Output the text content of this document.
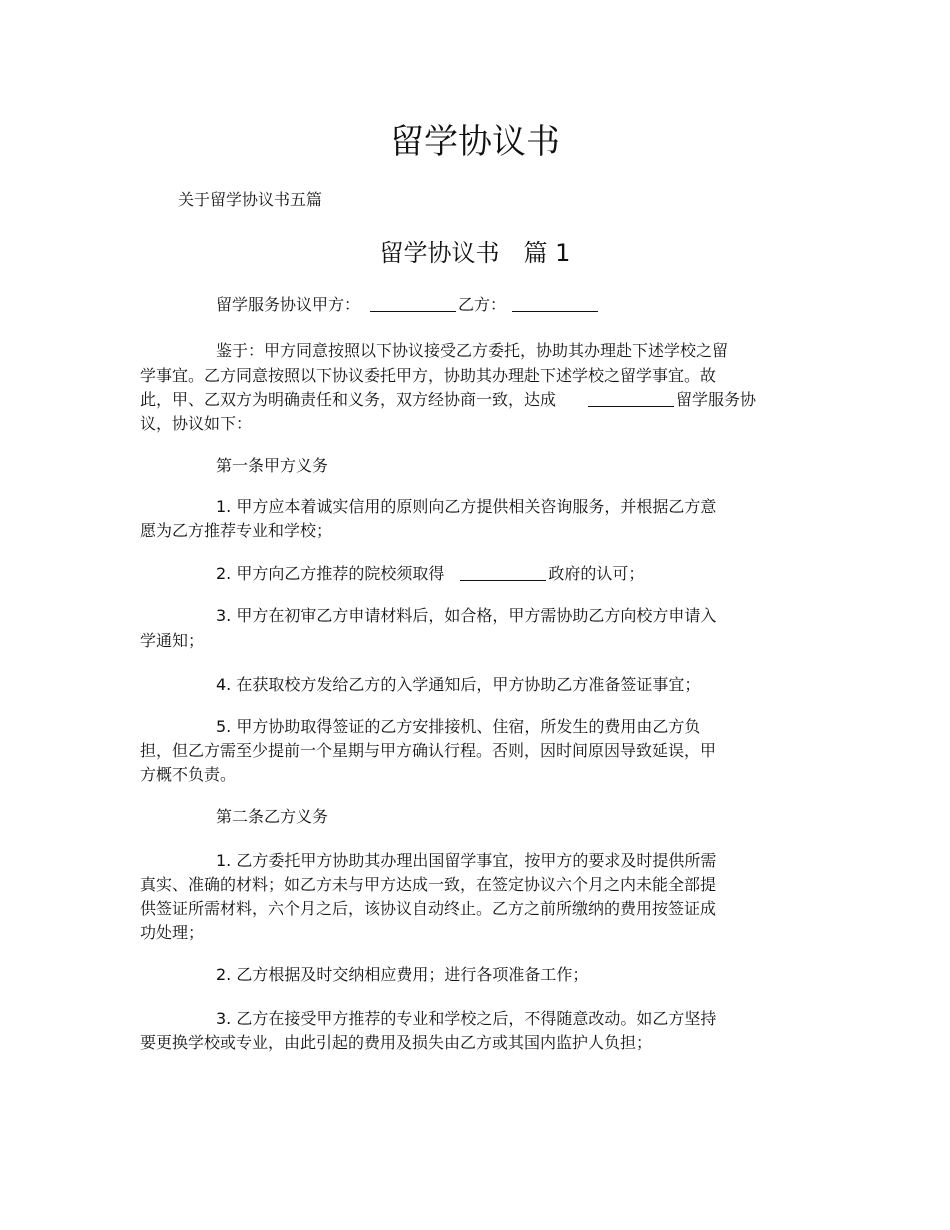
留学协议书
关于留学协议书五篇
留学协议书　篇 1
留学服务协议甲方：	乙方：
鉴于：甲方同意按照以下协议接受乙方委托，协助其办理赴下述学校之留
学事宜。乙方同意按照以下协议委托甲方，协助其办理赴下述学校之留学事宜。故
此，甲、乙双方为明确责任和义务，双方经协商一致，达成	留学服务协
议，协议如下：
第一条甲方义务
1. 甲方应本着诚实信用的原则向乙方提供相关咨询服务，并根据乙方意
愿为乙方推荐专业和学校；
2. 甲方向乙方推荐的院校须取得	政府的认可；
3. 甲方在初审乙方申请材料后，如合格，甲方需协助乙方向校方申请入
学通知；
4. 在获取校方发给乙方的入学通知后，甲方协助乙方准备签证事宜；
5. 甲方协助取得签证的乙方安排接机、住宿，所发生的费用由乙方负
担，但乙方需至少提前一个星期与甲方确认行程。否则，因时间原因导致延误，甲
方概不负责。
第二条乙方义务
1. 乙方委托甲方协助其办理出国留学事宜，按甲方的要求及时提供所需
真实、准确的材料；如乙方未与甲方达成一致，在签定协议六个月之内未能全部提
供签证所需材料，六个月之后，该协议自动终止。乙方之前所缴纳的费用按签证成
功处理；
2. 乙方根据及时交纳相应费用；进行各项准备工作；
3. 乙方在接受甲方推荐的专业和学校之后，不得随意改动。如乙方坚持
要更换学校或专业，由此引起的费用及损失由乙方或其国内监护人负担；
